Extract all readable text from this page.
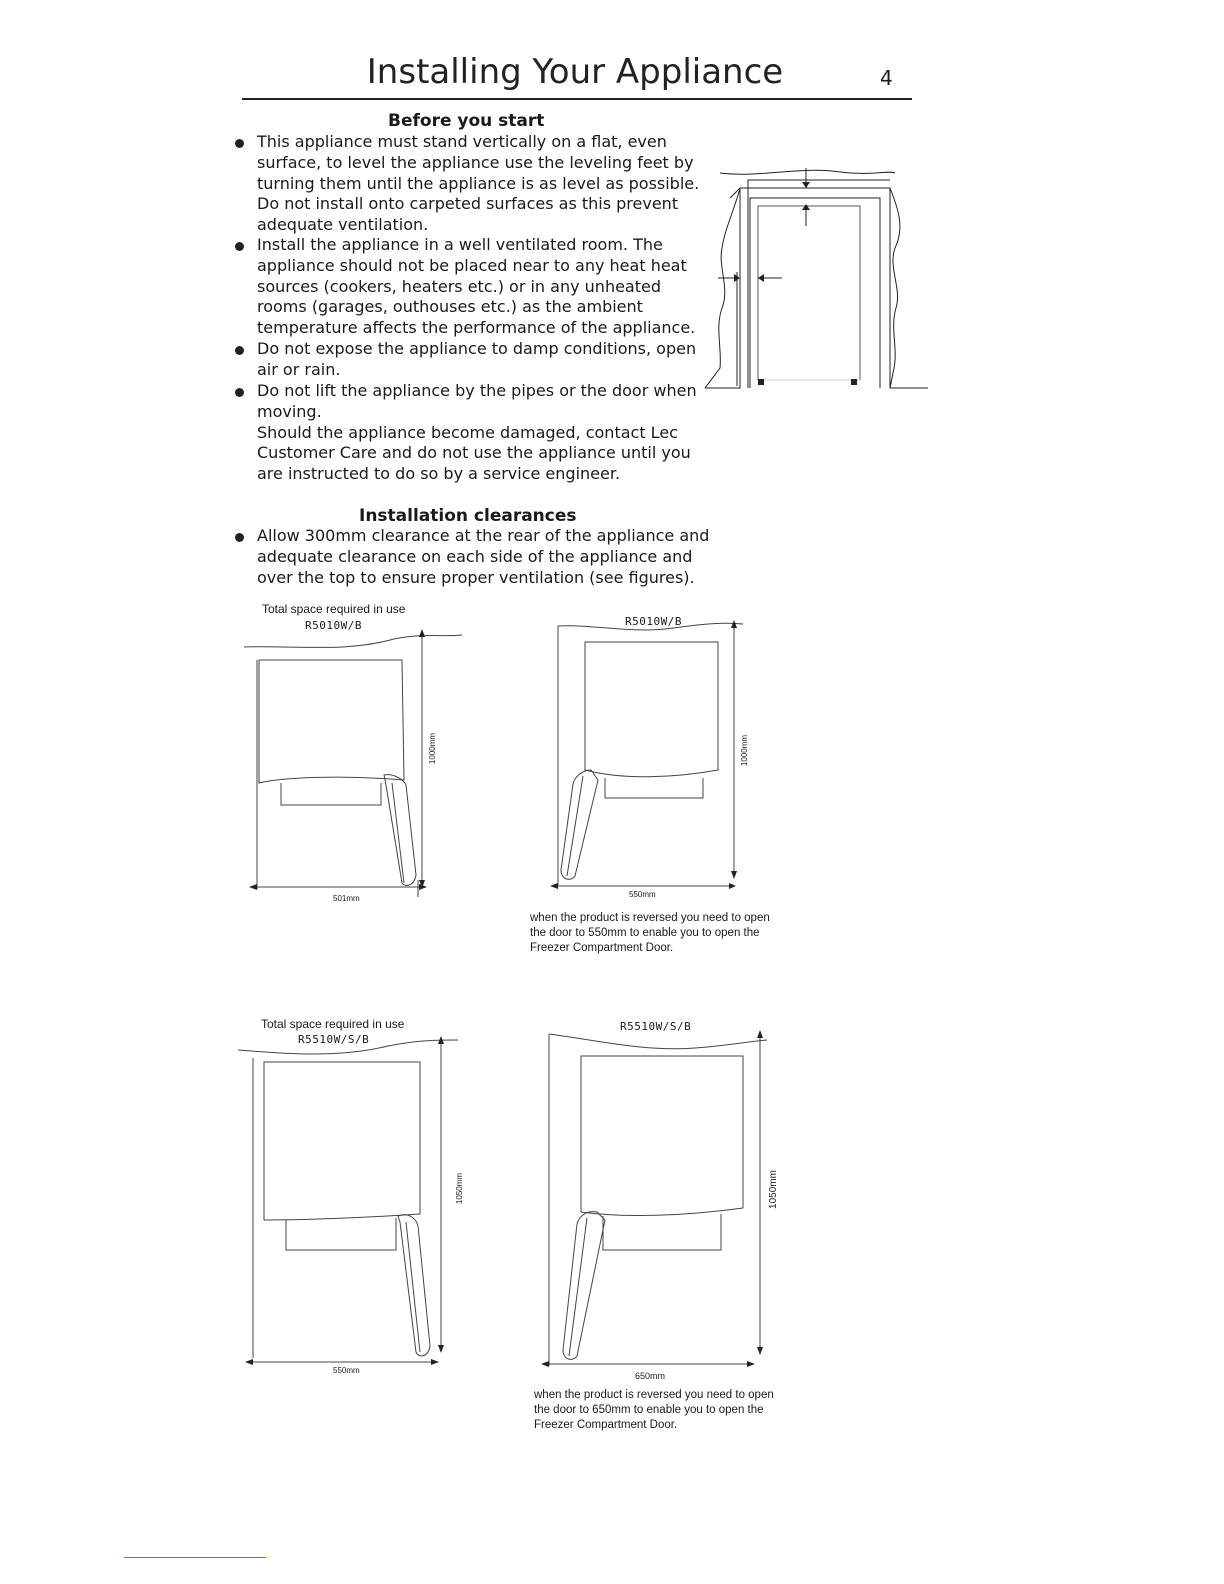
Installing Your Appliance	4
Before you start
This appliance must stand vertically on a flat, even
surface, to level the appliance use the leveling feet by
turning them until the appliance is as level as possible.
Do not install onto carpeted surfaces as this prevent
adequate ventilation.
Install the appliance in a well ventilated room. The
appliance should not be placed near to any heat heat
sources (cookers, heaters etc.) or in any unheated
rooms (garages, outhouses etc.) as the ambient
temperature affects the performance of the appliance.
Do not expose the appliance to damp conditions, open
air or rain.
Do not lift the appliance by the pipes or the door when
moving.
Should the appliance become damaged, contact Lec
Customer Care and do not use the appliance until you
are instructed to do so by a service engineer.
Installation clearances
Allow 300mm clearance at the rear of the appliance and
adequate clearance on each side of the appliance and
over the top to ensure proper ventilation (see figures).
Total space required in use
R5010W/B
501mm
1000mm
R5010W/B
550mm
1000mm
when the product is reversed you need to open
the door to 550mm to enable you to open the
Freezer Compartment Door.
Total space required in use
R5510W/S/B
550mm
1050mm
R5510W/S/B
650mm
1050mm
when the product is reversed you need to open
the door to 650mm to enable you to open the
Freezer Compartment Door.
